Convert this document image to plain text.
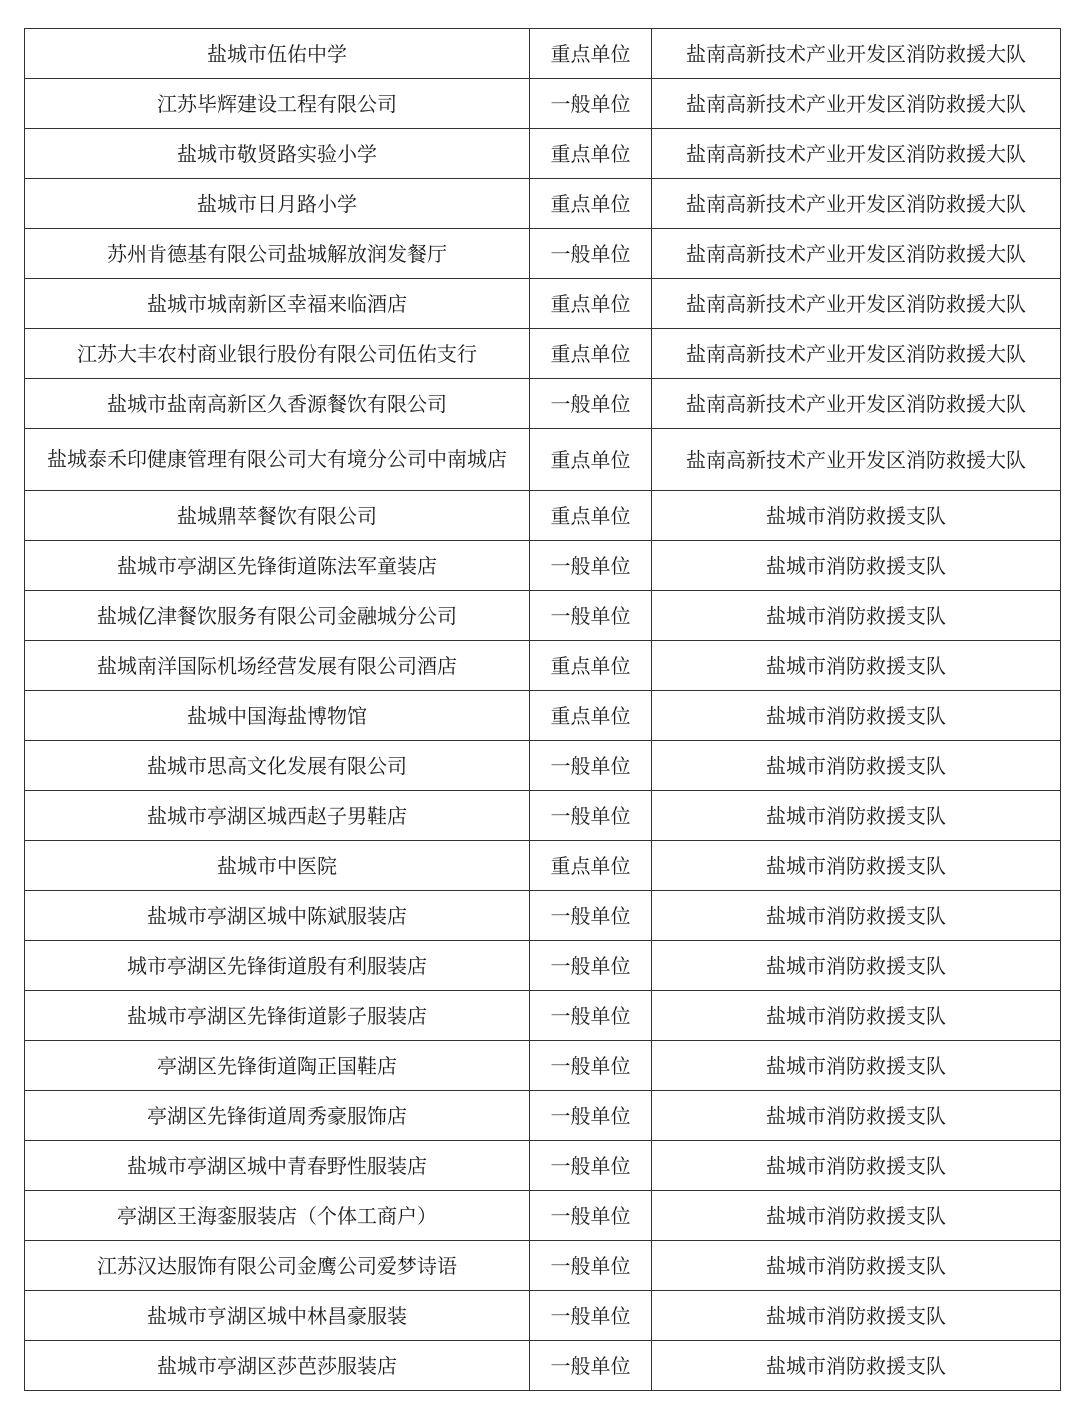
盐城市伍佑中学	重点单位	盐南高新技术产业开发区消防救援大队
江苏毕辉建设工程有限公司	一般单位	盐南高新技术产业开发区消防救援大队
盐城市敬贤路实验小学	重点单位	盐南高新技术产业开发区消防救援大队
盐城市日月路小学	重点单位	盐南高新技术产业开发区消防救援大队
苏州肯德基有限公司盐城解放润发餐厅	一般单位	盐南高新技术产业开发区消防救援大队
盐城市城南新区幸福来临酒店	重点单位	盐南高新技术产业开发区消防救援大队
江苏大丰农村商业银行股份有限公司伍佑支行	重点单位	盐南高新技术产业开发区消防救援大队
盐城市盐南高新区久香源餐饮有限公司	一般单位	盐南高新技术产业开发区消防救援大队
盐城泰禾印健康管理有限公司大有境分公司中南城店	重点单位	盐南高新技术产业开发区消防救援大队
盐城鼎萃餐饮有限公司	重点单位	盐城市消防救援支队
盐城市亭湖区先锋街道陈法军童装店	一般单位	盐城市消防救援支队
盐城亿津餐饮服务有限公司金融城分公司	一般单位	盐城市消防救援支队
盐城南洋国际机场经营发展有限公司酒店	重点单位	盐城市消防救援支队
盐城中国海盐博物馆	重点单位	盐城市消防救援支队
盐城市思高文化发展有限公司	一般单位	盐城市消防救援支队
盐城市亭湖区城西赵子男鞋店	一般单位	盐城市消防救援支队
盐城市中医院	重点单位	盐城市消防救援支队
盐城市亭湖区城中陈斌服装店	一般单位	盐城市消防救援支队
城市亭湖区先锋街道殷有利服装店	一般单位	盐城市消防救援支队
盐城市亭湖区先锋街道影子服装店	一般单位	盐城市消防救援支队
亭湖区先锋街道陶正国鞋店	一般单位	盐城市消防救援支队
亭湖区先锋街道周秀豪服饰店	一般单位	盐城市消防救援支队
盐城市亭湖区城中青春野性服装店	一般单位	盐城市消防救援支队
亭湖区王海銮服装店（个体工商户）	一般单位	盐城市消防救援支队
江苏汉达服饰有限公司金鹰公司爱梦诗语	一般单位	盐城市消防救援支队
盐城市亨湖区城中林昌豪服装	一般单位	盐城市消防救援支队
盐城市亭湖区莎芭莎服装店	一般单位	盐城市消防救援支队
